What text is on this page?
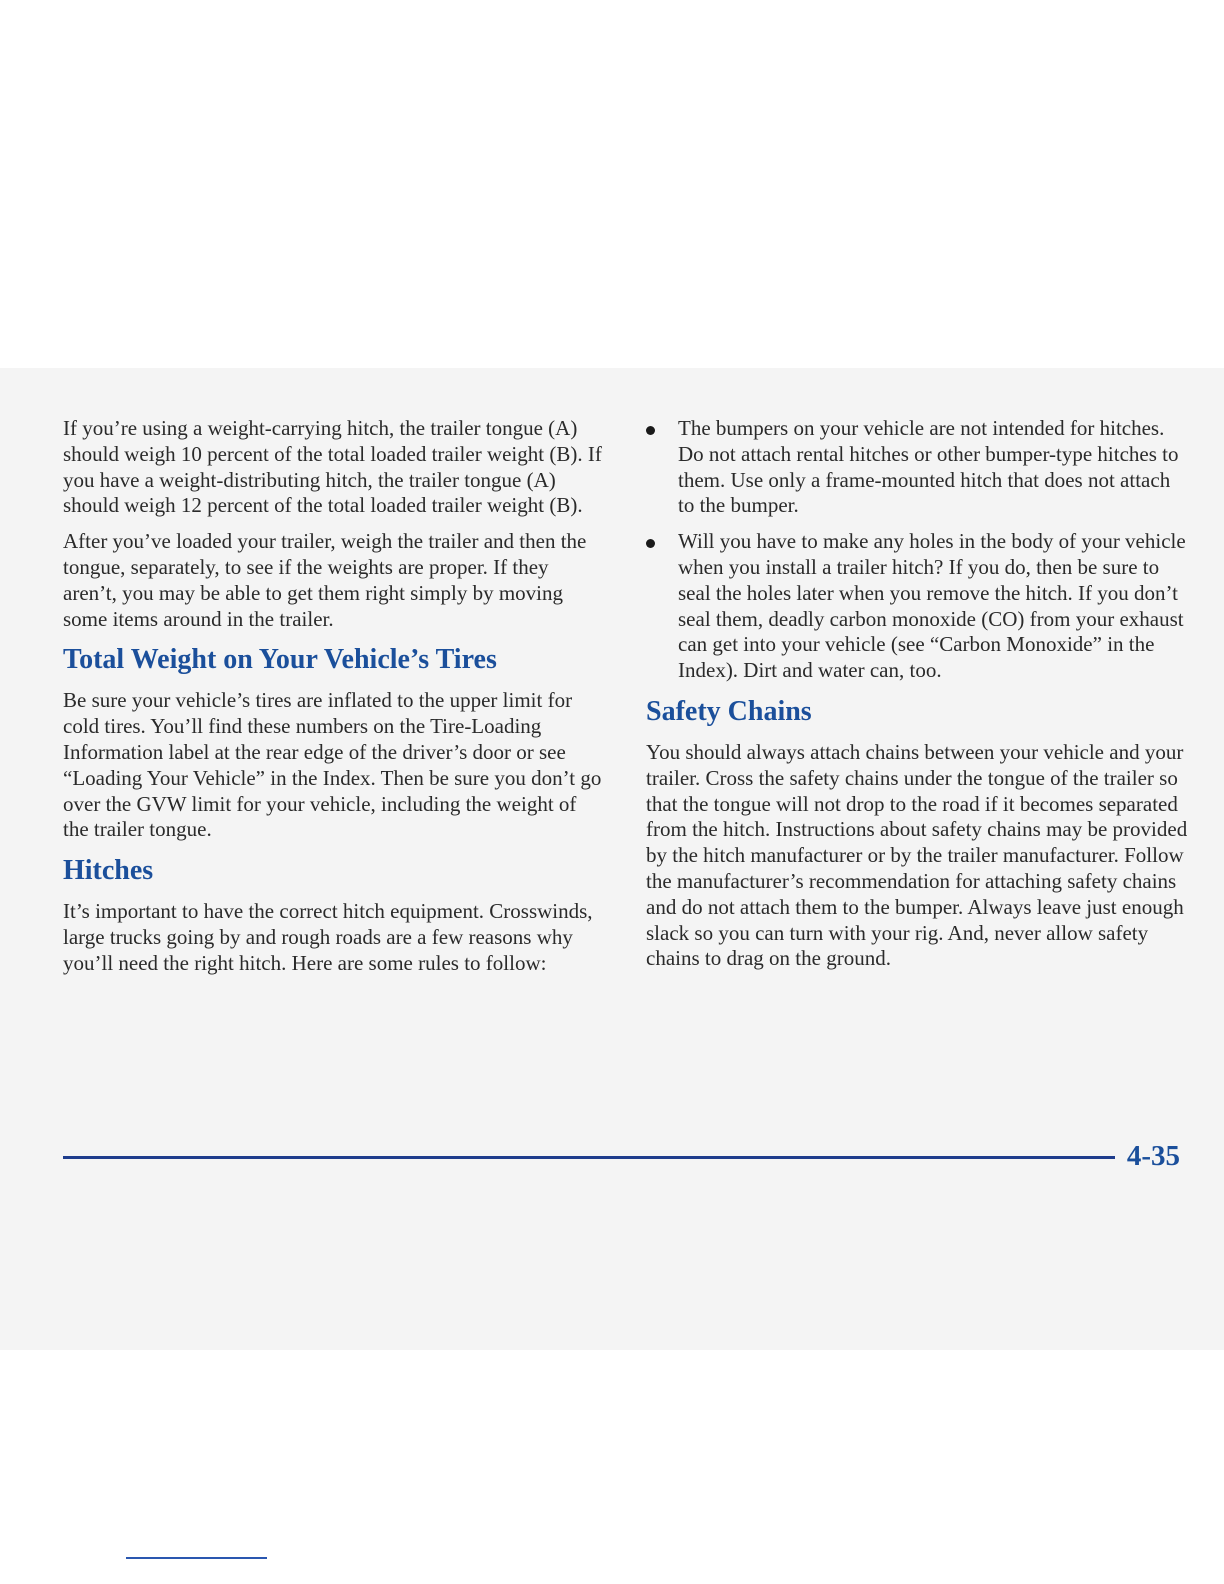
If you’re using a weight-carrying hitch, the trailer tongue (A) should weigh 10 percent of the total loaded trailer weight (B). If you have a weight-distributing hitch, the trailer tongue (A) should weigh 12 percent of the total loaded trailer weight (B).

After you’ve loaded your trailer, weigh the trailer and then the tongue, separately, to see if the weights are proper. If they aren’t, you may be able to get them right simply by moving some items around in the trailer.

Total Weight on Your Vehicle’s Tires

Be sure your vehicle’s tires are inflated to the upper limit for cold tires. You’ll find these numbers on the Tire-Loading Information label at the rear edge of the driver’s door or see “Loading Your Vehicle” in the Index. Then be sure you don’t go over the GVW limit for your vehicle, including the weight of the trailer tongue.

Hitches

It’s important to have the correct hitch equipment. Crosswinds, large trucks going by and rough roads are a few reasons why you’ll need the right hitch. Here are some rules to follow:

The bumpers on your vehicle are not intended for hitches. Do not attach rental hitches or other bumper-type hitches to them. Use only a frame-mounted hitch that does not attach to the bumper.
Will you have to make any holes in the body of your vehicle when you install a trailer hitch? If you do, then be sure to seal the holes later when you remove the hitch. If you don’t seal them, deadly carbon monoxide (CO) from your exhaust can get into your vehicle (see “Carbon Monoxide” in the Index). Dirt and water can, too.
Safety Chains

You should always attach chains between your vehicle and your trailer. Cross the safety chains under the tongue of the trailer so that the tongue will not drop to the road if it becomes separated from the hitch. Instructions about safety chains may be provided by the hitch manufacturer or by the trailer manufacturer. Follow the manufacturer’s recommendation for attaching safety chains and do not attach them to the bumper. Always leave just enough slack so you can turn with your rig. And, never allow safety chains to drag on the ground.

4-35
